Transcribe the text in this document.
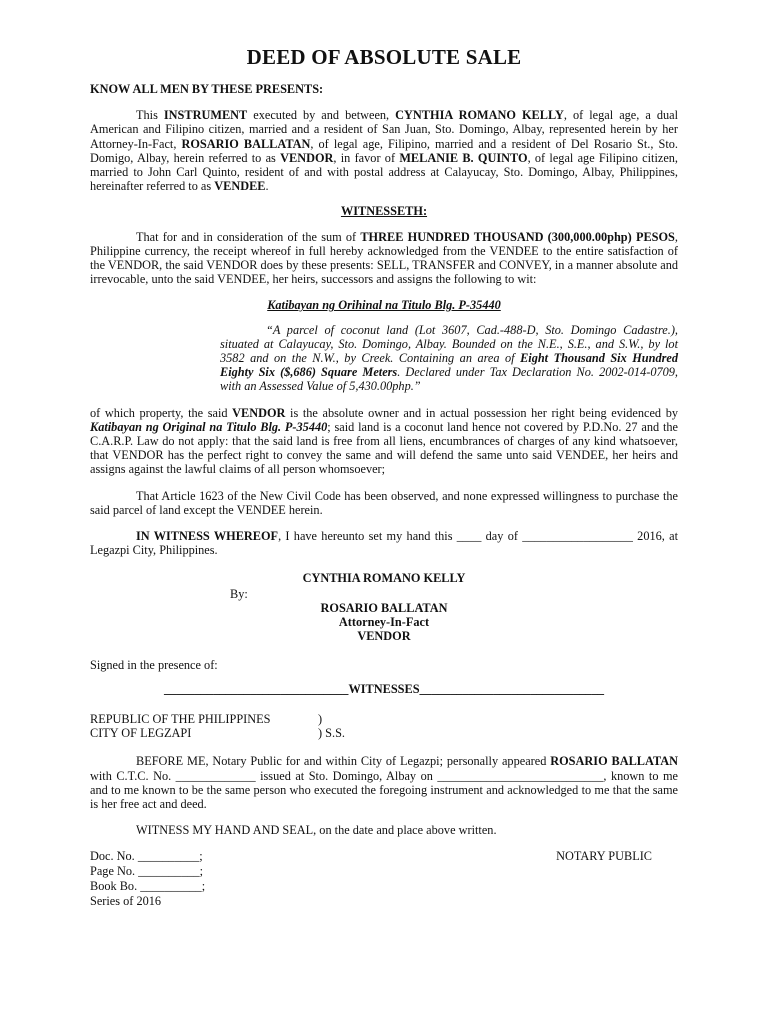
DEED OF ABSOLUTE SALE

KNOW ALL MEN BY THESE PRESENTS:

This INSTRUMENT executed by and between, CYNTHIA ROMANO KELLY, of legal age, a dual American and Filipino citizen, married and a resident of San Juan, Sto. Domingo, Albay, represented herein by her Attorney-In-Fact, ROSARIO BALLATAN, of legal age, Filipino, married and a resident of Del Rosario St., Sto. Domigo, Albay, herein referred to as VENDOR, in favor of MELANIE B. QUINTO, of legal age Filipino citizen, married to John Carl Quinto, resident of and with postal address at Calayucay, Sto. Domingo, Albay, Philippines, hereinafter referred to as VENDEE.

WITNESSETH:

That for and in consideration of the sum of THREE HUNDRED THOUSAND (300,000.00php) PESOS, Philippine currency, the receipt whereof in full hereby acknowledged from the VENDEE to the entire satisfaction of the VENDOR, the said VENDOR does by these presents: SELL, TRANSFER and CONVEY, in a manner absolute and irrevocable, unto the said VENDEE, her heirs, successors and assigns the following to wit:

Katibayan ng Orihinal na Titulo Blg. P-35440

“A parcel of coconut land (Lot 3607, Cad.-488-D, Sto. Domingo Cadastre.), situated at Calayucay, Sto. Domingo, Albay. Bounded on the N.E., S.E., and S.W., by lot 3582 and on the N.W., by Creek. Containing an area of Eight Thousand Six Hundred Eighty Six ($,686) Square Meters. Declared under Tax Declaration No. 2002-014-0709, with an Assessed Value of 5,430.00php.”

of which property, the said VENDOR is the absolute owner and in actual possession her right being evidenced by Katibayan ng Original na Titulo Blg. P-35440; said land is a coconut land hence not covered by P.D.No. 27 and the C.A.R.P. Law do not apply: that the said land is free from all liens, encumbrances of charges of any kind whatsoever, that VENDOR has the perfect right to convey the same and will defend the same unto said VENDEE, her heirs and assigns against the lawful claims of all person whomsoever;

That Article 1623 of the New Civil Code has been observed, and none expressed willingness to purchase the said parcel of land except the VENDEE herein.

IN WITNESS WHEREOF, I have hereunto set my hand this ____ day of __________________ 2016, at Legazpi City, Philippines.

CYNTHIA ROMANO KELLY
By:
ROSARIO BALLATAN
Attorney-In-Fact
VENDOR

Signed in the presence of:

______________________________WITNESSES______________________________
REPUBLIC OF THE PHILIPPINES	)
CITY OF LEGZAPI	) S.S.

BEFORE ME, Notary Public for and within City of Legazpi; personally appeared ROSARIO BALLATAN with C.T.C. No. _____________ issued at Sto. Domingo, Albay on ___________________________, known to me and to me known to be the same person who executed the foregoing instrument and acknowledged to me that the same is her free act and deed.

WITNESS MY HAND AND SEAL, on the date and place above written.

Doc. No. __________;
Page No. __________;
Book Bo. __________;
Series of 2016
NOTARY PUBLIC
